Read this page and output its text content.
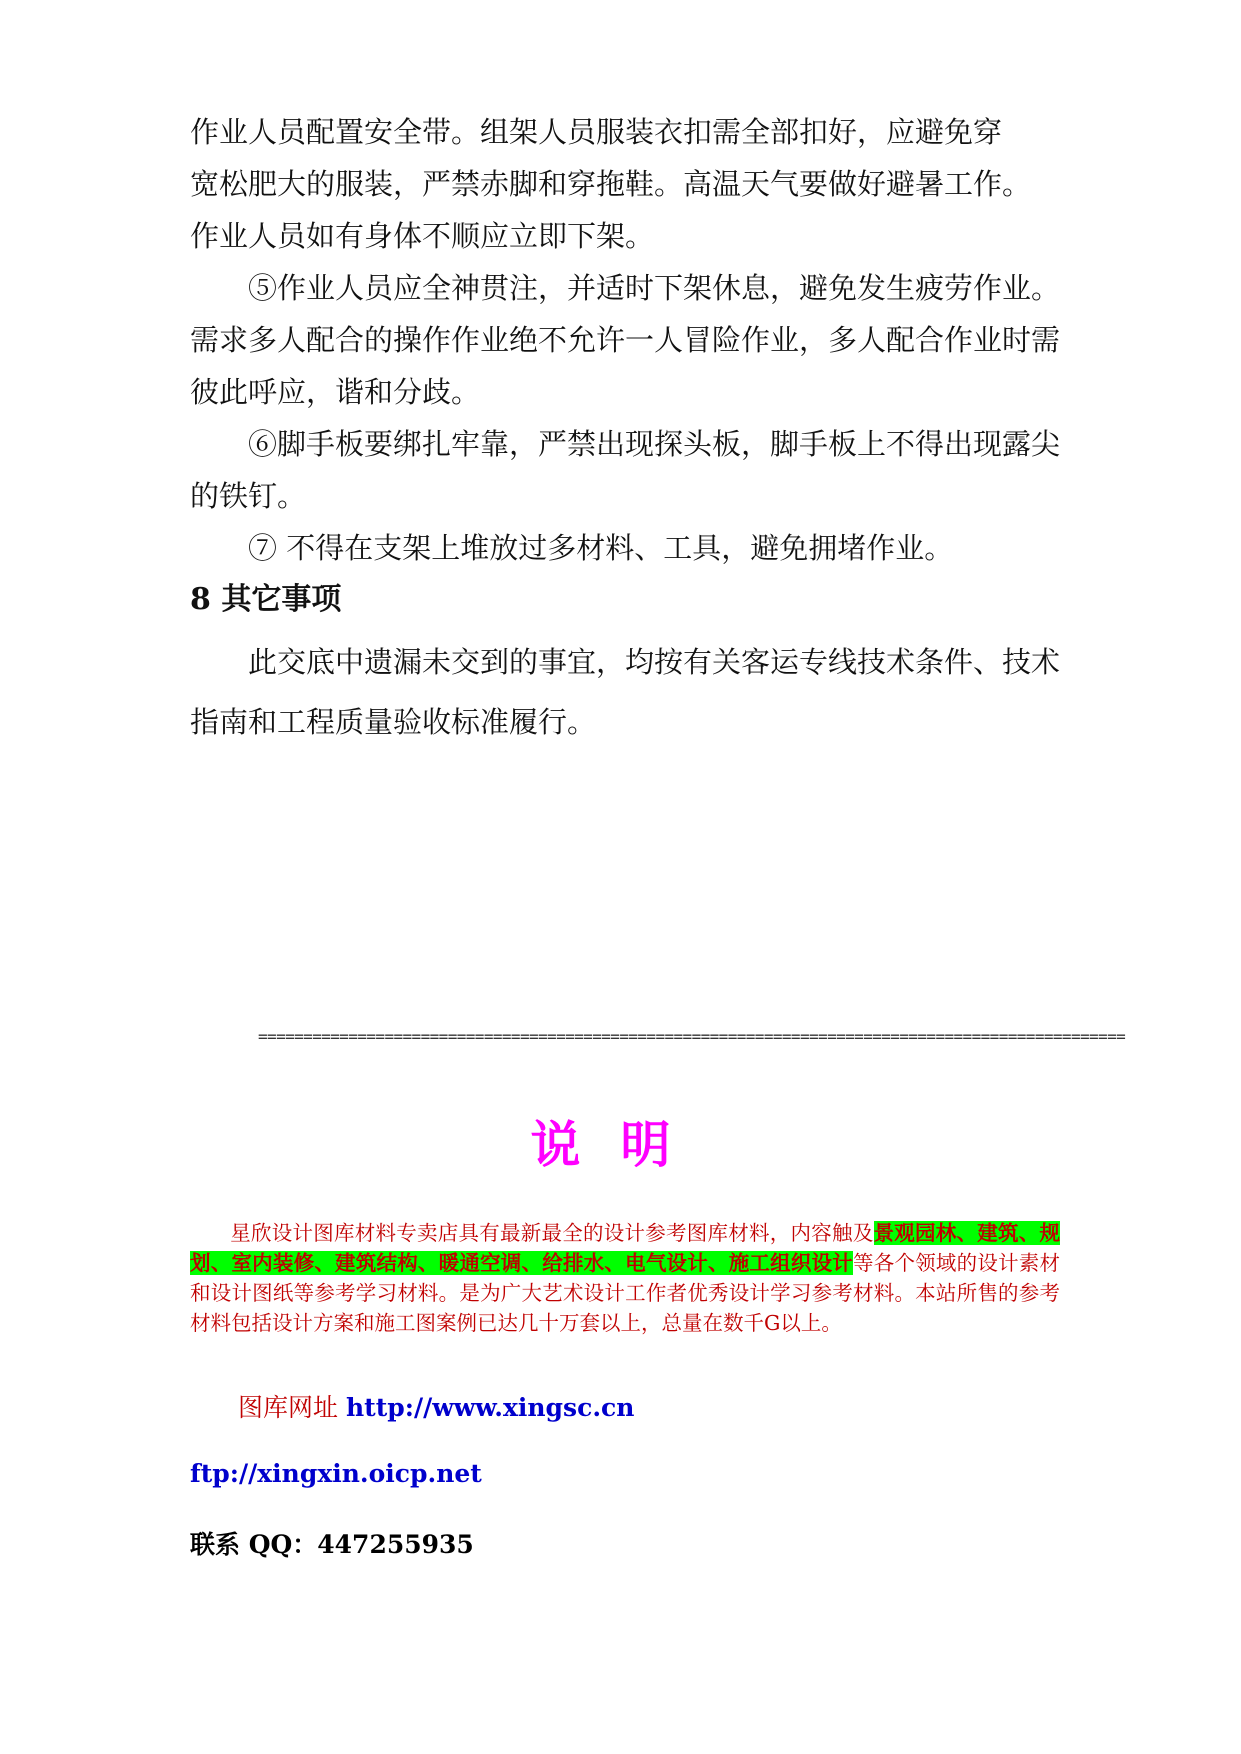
作业人员配置安全带。组架人员服装衣扣需全部扣好，应避免穿

宽松肥大的服装，严禁赤脚和穿拖鞋。高温天气要做好避暑工作。

作业人员如有身体不顺应立即下架。

⑤作业人员应全神贯注，并适时下架休息，避免发生疲劳作业。需求多人配合的操作作业绝不允许一人冒险作业，多人配合作业时需彼此呼应，谐和分歧。

⑥脚手板要绑扎牢靠，严禁出现探头板，脚手板上不得出现露尖的铁钉。

⑦ 不得在支架上堆放过多材料、工具，避免拥堵作业。

8 其它事项

此交底中遗漏未交到的事宜，均按有关客运专线技术条件、技术指南和工程质量验收标准履行。

================================================================================================
说明
星欣设计图库材料专卖店具有最新最全的设计参考图库材料，内容触及景观园林、建筑、规划、室内装修、建筑结构、暖通空调、给排水、电气设计、施工组织设计等各个领域的设计素材和设计图纸等参考学习材料。是为广大艺术设计工作者优秀设计学习参考材料。本站所售的参考材料包括设计方案和施工图案例已达几十万套以上，总量在数千G以上。
图库网址 http://www.xingsc.cn
ftp://xingxin.oicp.net
联系 QQ：447255935
